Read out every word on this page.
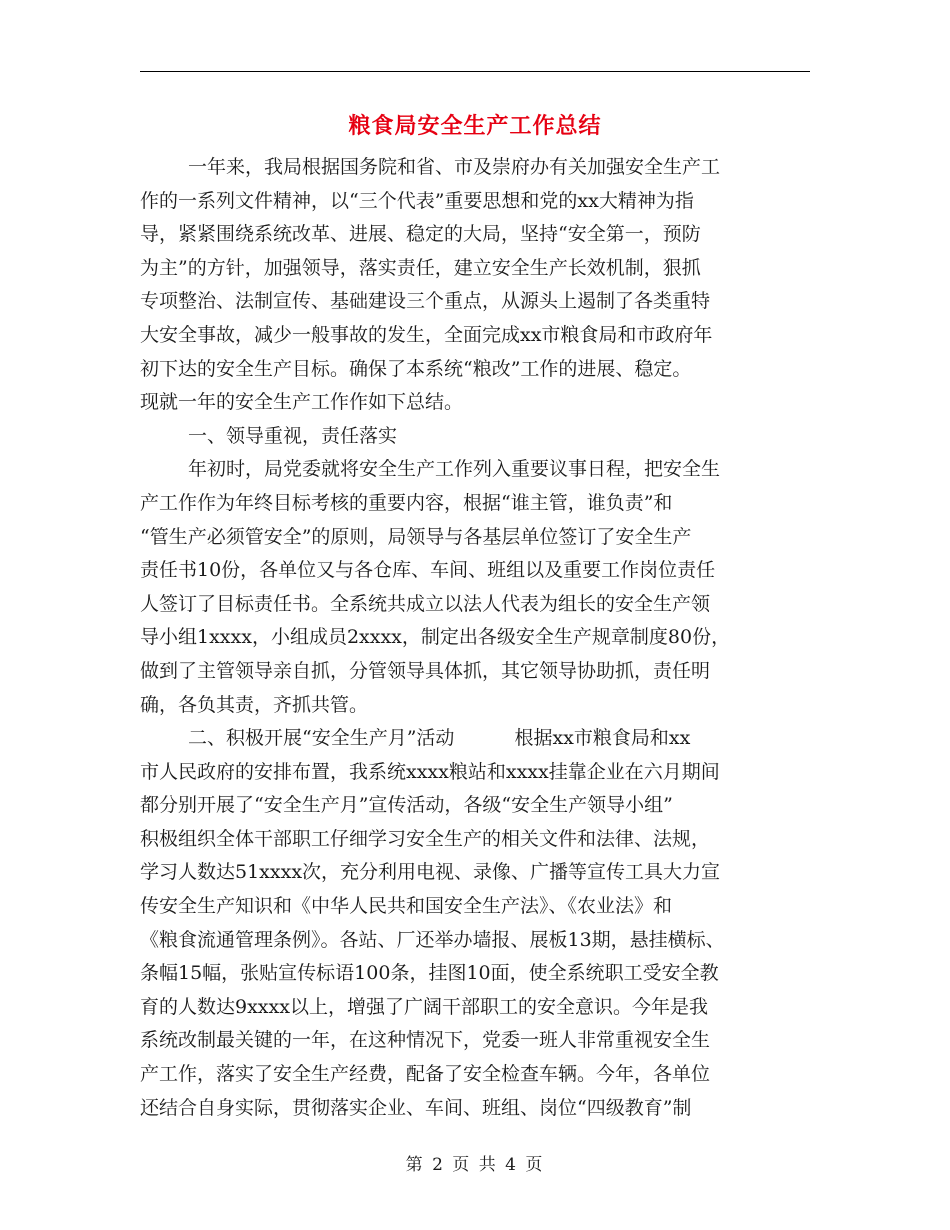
粮食局安全生产工作总结
一年来，我局根据国务院和省、市及崇府办有关加强安全生产工
作的一系列文件精神，以“三个代表”重要思想和党的xx大精神为指
导，紧紧围绕系统改革、进展、稳定的大局，坚持“安全第一，预防
为主”的方针，加强领导，落实责任，建立安全生产长效机制，狠抓
专项整治、法制宣传、基础建设三个重点，从源头上遏制了各类重特
大安全事故，减少一般事故的发生，全面完成xx市粮食局和市政府年
初下达的安全生产目标。确保了本系统“粮改”工作的进展、稳定。
现就一年的安全生产工作作如下总结。
一、领导重视，责任落实
年初时，局党委就将安全生产工作列入重要议事日程，把安全生
产工作作为年终目标考核的重要内容，根据“谁主管，谁负责”和
“管生产必须管安全”的原则，局领导与各基层单位签订了安全生产
责任书10份，各单位又与各仓库、车间、班组以及重要工作岗位责任
人签订了目标责任书。全系统共成立以法人代表为组长的安全生产领
导小组1xxxx，小组成员2xxxx，制定出各级安全生产规章制度80份，
做到了主管领导亲自抓，分管领导具体抓，其它领导协助抓，责任明
确，各负其责，齐抓共管。
二、积极开展“安全生产月”活动	根据xx市粮食局和xx
市人民政府的安排布置，我系统xxxx粮站和xxxx挂靠企业在六月期间
都分别开展了“安全生产月”宣传活动，各级“安全生产领导小组”
积极组织全体干部职工仔细学习安全生产的相关文件和法律、法规，
学习人数达51xxxx次，充分利用电视、录像、广播等宣传工具大力宣
传安全生产知识和《中华人民共和国安全生产法》、《农业法》和
《粮食流通管理条例》。各站、厂还举办墙报、展板13期，悬挂横标、
条幅15幅，张贴宣传标语100条，挂图10面，使全系统职工受安全教
育的人数达9xxxx以上，增强了广阔干部职工的安全意识。今年是我
系统改制最关键的一年，在这种情况下，党委一班人非常重视安全生
产工作，落实了安全生产经费，配备了安全检查车辆。今年，各单位
还结合自身实际，贯彻落实企业、车间、班组、岗位“四级教育”制
第 2 页 共 4 页
